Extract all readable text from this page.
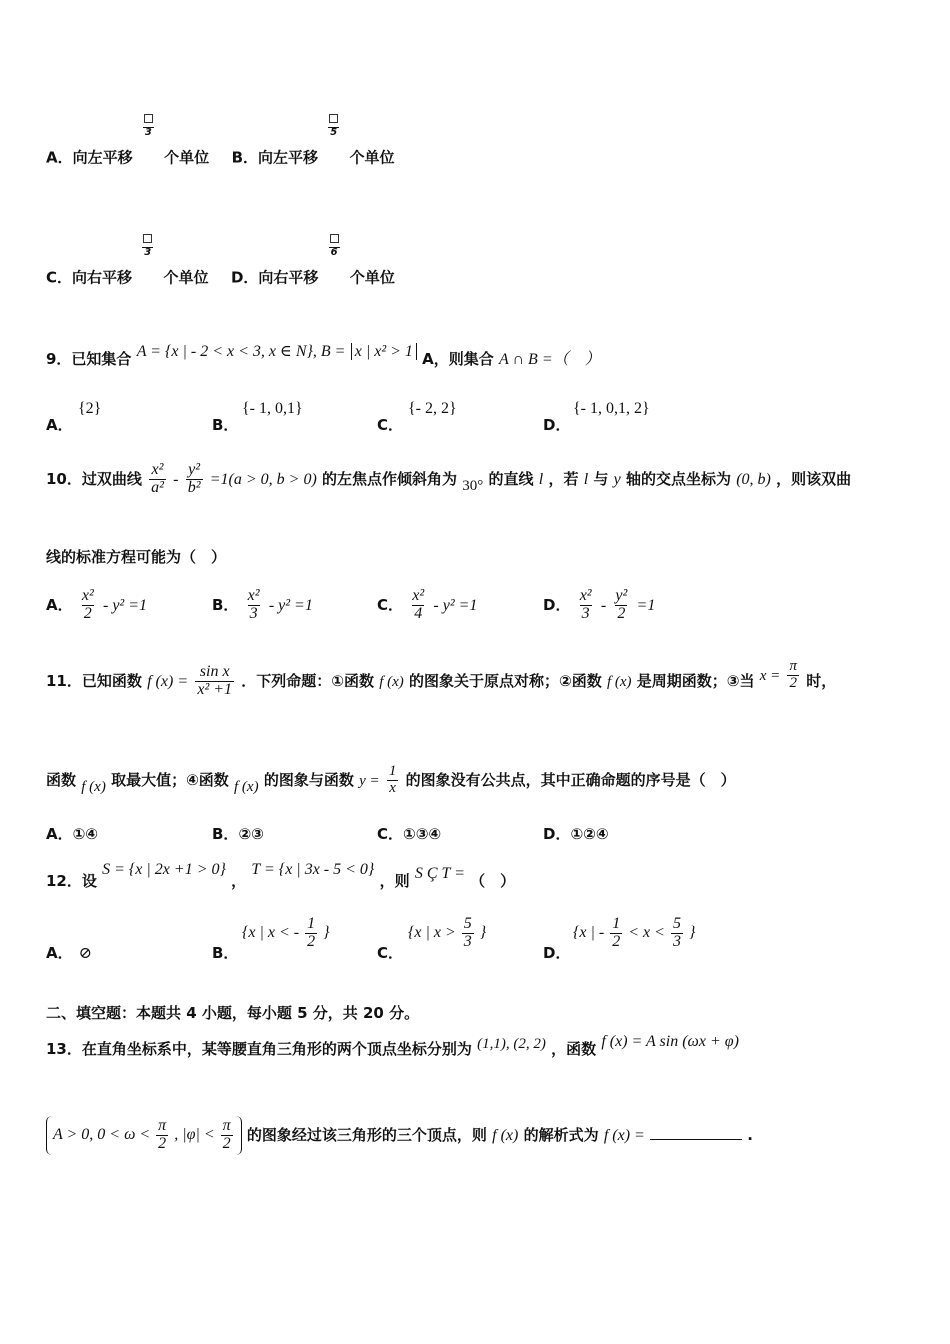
A．向左平移
3
个单位 B．向左平移
5
个单位
C．向右平移
3
个单位 D．向右平移
6
个单位
9．已知集合 A = {x | - 2 < x < 3, x ∈ N}, B = x | x² > 1 A，则集合 A ∩ B =（　）
A．
{2}
B．
{- 1, 0,1}
C．
{- 2, 2}
D．
{- 1, 0,1, 2}
10．过双曲线 $\frac{\text{x²}}{\text{a²}} - \frac{\text{y²}}{\text{b²}} =1(a > 0$, b > 0) 的左焦点作倾斜角为 30° 的直线 l ，若 l 与 y 轴的交点坐标为 (0, b) ，则该双曲
线的标准方程可能为（　）
A． $\frac{\text{x²}}{2} - y^2 =1$	B． $\frac{\text{x²}}{3} - y^2 =1$	C． $\frac{\text{x²}}{4} - y^2 =1$	D． $\frac{\text{x²}}{3} - \frac{\text{y²}}{2} =1$
11．已知函数 f $(x) = \frac{\text{sin x}}{\text{x² +1}}$ ．下列命题：①函数 f (x) 的图象关于原点对称；②函数 f (x) 是周期函数；③当 $x = \frac{\pi}{2}$ 时，
函数 f (x) 取最大值；④函数 f (x) 的图象与函数 $y = \frac{1}{x}$ 的图象没有公共点，其中正确命题的序号是（　）
A．①④	B．②③	C．①③④	D．①②④
12．设 S = {x | 2x +1 > 0} ， T = {x | 3x - 5 < 0} ，则 S Ç T = （　）
A． ⊘	B．
{x | x < - $\frac{1}{2}$ }
C．
{x | $x > \frac{5}{3}$ }
D．
{x | - $\frac{1}{2} < x < \frac{5}{3}$ }
二、填空题：本题共 4 小题，每小题 5 分，共 20 分。
13．在直角坐标系中，某等腰直角三角形的两个顶点坐标分别为 (1,1), (2, 2) ，函数 f (x) = A sin (ωx + φ)
A > 0, $0 < \omega < \frac{\pi}{2}$ , $|\varphi| < \frac{\pi}{2}$ 的图象经过该三角形的三个顶点，则 f (x) 的解析式为 f (x) =	.
